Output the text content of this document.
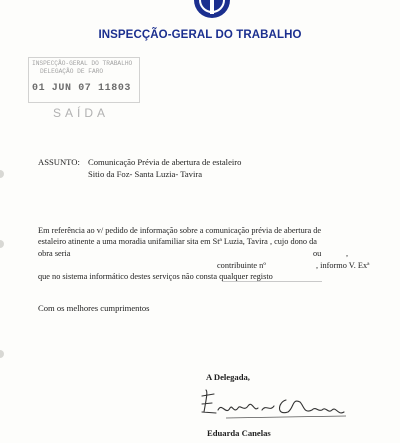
INSPECÇÃO-GERAL DO TRABALHO
INSPECÇÃO-GERAL DO TRABALHO
DELEGAÇÃO DE FARO
01 JUN 07 11803
SAÍDA
ASSUNTO: Comunicação Prévia de abertura de estaleiro
Sitio da Foz- Santa Luzia- Tavira
Em referência ao v/ pedido de informação sobre a comunicação prévia de abertura de
estaleiro atinente a uma moradia unifamiliar sita em Stª Luzia, Tavira , cujo dono da
obra seria	ou	,
contribuinte nº	, informo V. Exª
que no sistema informático destes serviços não consta qualquer registo
Com os melhores cumprimentos
A Delegada,
Eduarda Canelas
